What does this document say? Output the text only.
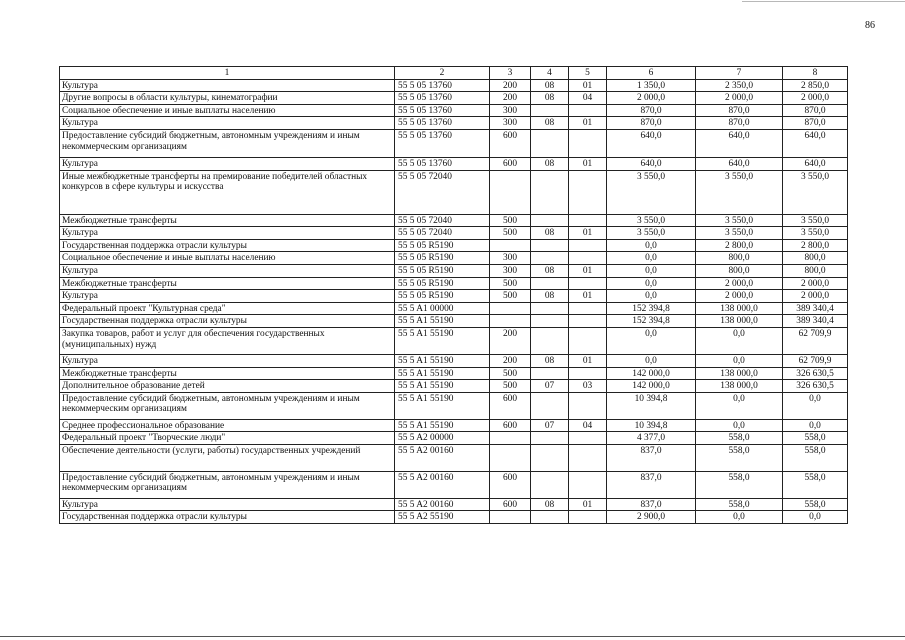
86
1	2	3	4	5	6	7	8
Культура	55 5 05 13760	200	08	01	1 350,0	2 350,0	2 850,0
Другие вопросы в области культуры, кинематографии	55 5 05 13760	200	08	04	2 000,0	2 000,0	2 000,0
Социальное обеспечение и иные выплаты населению	55 5 05 13760	300			870,0	870,0	870,0
Культура	55 5 05 13760	300	08	01	870,0	870,0	870,0
Предоставление субсидий бюджетным, автономным учреждениям и иным некоммерческим организациям	55 5 05 13760	600			640,0	640,0	640,0
Культура	55 5 05 13760	600	08	01	640,0	640,0	640,0
Иные межбюджетные трансферты на премирование победителей областных конкурсов в сфере культуры и искусства	55 5 05 72040				3 550,0	3 550,0	3 550,0
Межбюджетные трансферты	55 5 05 72040	500			3 550,0	3 550,0	3 550,0
Культура	55 5 05 72040	500	08	01	3 550,0	3 550,0	3 550,0
Государственная поддержка отрасли культуры	55 5 05 R5190				0,0	2 800,0	2 800,0
Социальное обеспечение и иные выплаты населению	55 5 05 R5190	300			0,0	800,0	800,0
Культура	55 5 05 R5190	300	08	01	0,0	800,0	800,0
Межбюджетные трансферты	55 5 05 R5190	500			0,0	2 000,0	2 000,0
Культура	55 5 05 R5190	500	08	01	0,0	2 000,0	2 000,0
Федеральный проект "Культурная среда"	55 5 A1 00000				152 394,8	138 000,0	389 340,4
Государственная поддержка отрасли культуры	55 5 A1 55190				152 394,8	138 000,0	389 340,4
Закупка товаров, работ и услуг для обеспечения государственных (муниципальных) нужд	55 5 A1 55190	200			0,0	0,0	62 709,9
Культура	55 5 A1 55190	200	08	01	0,0	0,0	62 709,9
Межбюджетные трансферты	55 5 A1 55190	500			142 000,0	138 000,0	326 630,5
Дополнительное образование детей	55 5 A1 55190	500	07	03	142 000,0	138 000,0	326 630,5
Предоставление субсидий бюджетным, автономным учреждениям и иным некоммерческим организациям	55 5 A1 55190	600			10 394,8	0,0	0,0
Среднее профессиональное образование	55 5 A1 55190	600	07	04	10 394,8	0,0	0,0
Федеральный проект "Творческие люди"	55 5 A2 00000				4 377,0	558,0	558,0
Обеспечение деятельности (услуги, работы) государственных учреждений	55 5 A2 00160				837,0	558,0	558,0
Предоставление субсидий бюджетным, автономным учреждениям и иным некоммерческим организациям	55 5 A2 00160	600			837,0	558,0	558,0
Культура	55 5 A2 00160	600	08	01	837,0	558,0	558,0
Государственная поддержка отрасли культуры	55 5 A2 55190				2 900,0	0,0	0,0
